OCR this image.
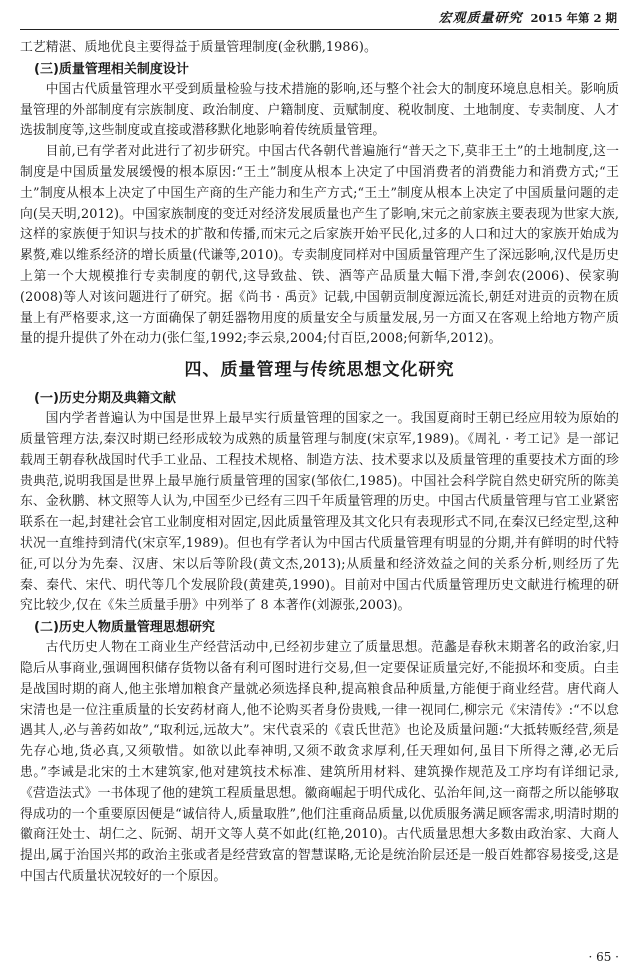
宏观质量研究 2015 年第 2 期

工艺精湛、质地优良主要得益于质量管理制度(金秋鹏,1986)。

(三)质量管理相关制度设计

中国古代质量管理水平受到质量检验与技术措施的影响,还与整个社会大的制度环境息息相关。影响质量管理的外部制度有宗族制度、政治制度、户籍制度、贡赋制度、税收制度、土地制度、专卖制度、人才选拔制度等,这些制度或直接或潜移默化地影响着传统质量管理。

目前,已有学者对此进行了初步研究。中国古代各朝代普遍施行“普天之下,莫非王土”的土地制度,这一制度是中国质量发展缓慢的根本原因:“王土”制度从根本上决定了中国消费者的消费能力和消费方式;“王土”制度从根本上决定了中国生产商的生产能力和生产方式;“王土”制度从根本上决定了中国质量问题的走向(吴天明,2012)。中国家族制度的变迁对经济发展质量也产生了影响,宋元之前家族主要表现为世家大族,这样的家族便于知识与技术的扩散和传播,而宋元之后家族开始平民化,过多的人口和过大的家族开始成为累赘,难以维系经济的增长质量(代谦等,2010)。专卖制度同样对中国质量管理产生了深远影响,汉代是历史上第一个大规模推行专卖制度的朝代,这导致盐、铁、酒等产品质量大幅下滑,李剑农(2006)、侯家驹(2008)等人对该问题进行了研究。据《尚书 · 禹贡》记载,中国朝贡制度源远流长,朝廷对进贡的贡物在质量上有严格要求,这一方面确保了朝廷器物用度的质量安全与质量发展,另一方面又在客观上给地方物产质量的提升提供了外在动力(张仁玺,1992;李云泉,2004;付百臣,2008;何新华,2012)。

四、质量管理与传统思想文化研究
(一)历史分期及典籍文献

国内学者普遍认为中国是世界上最早实行质量管理的国家之一。我国夏商时王朝已经应用较为原始的质量管理方法,秦汉时期已经形成较为成熟的质量管理与制度(宋京军,1989)。《周礼 · 考工记》是一部记载周王朝春秋战国时代手工业品、工程技术规格、制造方法、技术要求以及质量管理的重要技术方面的珍贵典范,说明我国是世界上最早施行质量管理的国家(邹依仁,1985)。中国社会科学院自然史研究所的陈美东、金秋鹏、林文照等人认为,中国至少已经有三四千年质量管理的历史。中国古代质量管理与官工业紧密联系在一起,封建社会官工业制度相对固定,因此质量管理及其文化只有表现形式不同,在秦汉已经定型,这种状况一直维持到清代(宋京军,1989)。但也有学者认为中国古代质量管理有明显的分期,并有鲜明的时代特征,可以分为先秦、汉唐、宋以后等阶段(黄文杰,2013);从质量和经济效益之间的关系分析,则经历了先秦、秦代、宋代、明代等几个发展阶段(黄建英,1990)。目前对中国古代质量管理历史文献进行梳理的研究比较少,仅在《朱兰质量手册》中列举了 8 本著作(刘源张,2003)。

(二)历史人物质量管理思想研究

古代历史人物在工商业生产经营活动中,已经初步建立了质量思想。范蠡是春秋末期著名的政治家,归隐后从事商业,强调囤积储存货物以备有利可图时进行交易,但一定要保证质量完好,不能损坏和变质。白圭是战国时期的商人,他主张增加粮食产量就必须选择良种,提高粮食品种质量,方能便于商业经营。唐代商人宋清也是一位注重质量的长安药材商人,他不论购买者身份贵贱,一律一视同仁,柳宗元《宋清传》:“不以怠遇其人,必与善药如故”,“取利远,远故大”。宋代袁采的《袁氏世范》也论及质量问题:“大抵转贩经营,须是先存心地,货必真,又须敬惜。如欲以此奉神明,又须不敢贪求厚利,任天理如何,虽目下所得之薄,必无后患。”李诫是北宋的土木建筑家,他对建筑技术标准、建筑所用材料、建筑操作规范及工序均有详细记录,《营造法式》一书体现了他的建筑工程质量思想。徽商崛起于明代成化、弘治年间,这一商帮之所以能够取得成功的一个重要原因便是“诚信待人,质量取胜”,他们注重商品质量,以优质服务满足顾客需求,明清时期的徽商汪处士、胡仁之、阮弼、胡开文等人莫不如此(红艳,2010)。古代质量思想大多数由政治家、大商人提出,属于治国兴邦的政治主张或者是经营致富的智慧谋略,无论是统治阶层还是一般百姓都容易接受,这是中国古代质量状况较好的一个原因。

· 65 ·
